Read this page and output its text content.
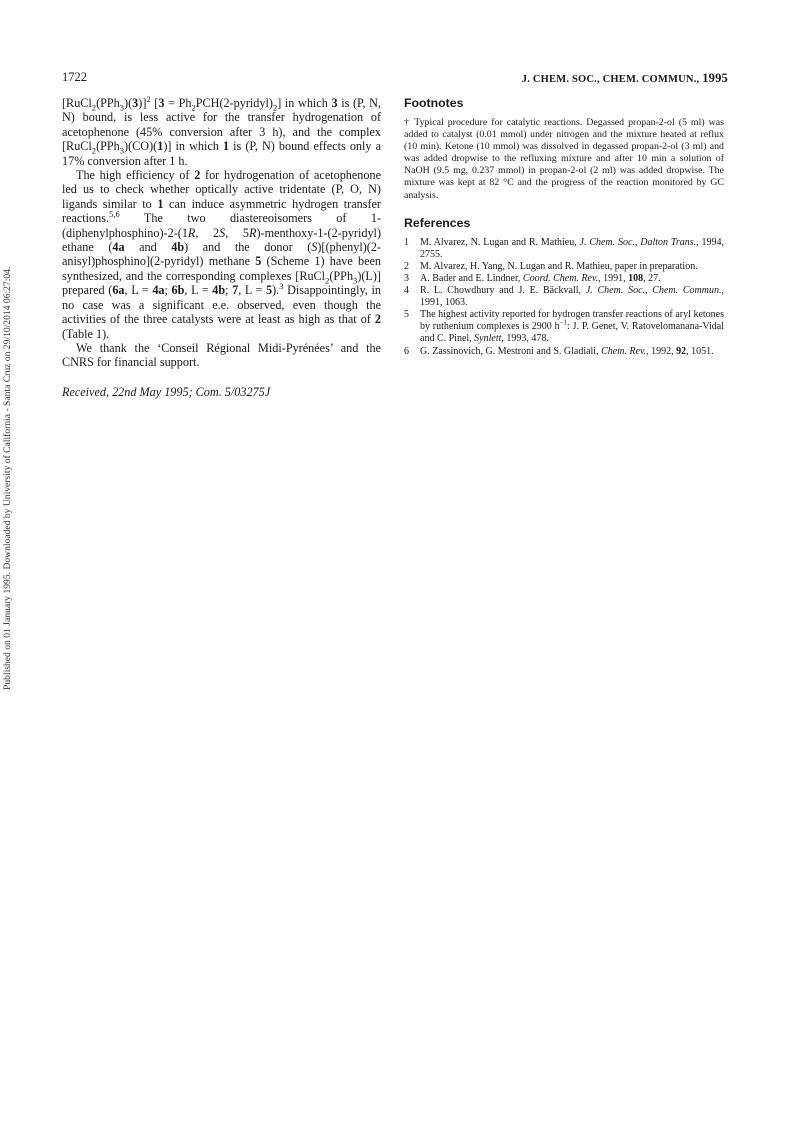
Published on 01 January 1995. Downloaded by University of California - Santa Cruz on 29/10/2014 06:27:04.
1722	J. CHEM. SOC., CHEM. COMMUN., 1995

[RuCl$_2$(PPh$_3$)(3)]$^2$ $[3 = Ph_2PCH(2-pyridyl)_2]$ in which 3 is (P, N, N) bound, is less active for the transfer hydrogenation of acetophenone (45% conversion after 3 h), and the complex [RuCl$_2$(PPh$_3$)(CO)(1)] in which 1 is (P, N) bound effects only a 17% conversion after 1 h.

The high efficiency of 2 for hydrogenation of acetophenone led us to check whether optically active tridentate (P, O, N) ligands similar to 1 can induce asymmetric hydrogen transfer reactions.$^{5,6}$ The two diastereoisomers of 1-(diphenylphosphino)-2-(1R, 2S, 5R)-menthoxy-1-(2-pyridyl) ethane (4a and 4b) and the donor (S)[(phenyl)(2-anisyl)phosphino](2-pyridyl) methane 5 (Scheme 1) have been synthesized, and the corresponding complexes [RuCl$_2$(PPh$_3$)(L)] prepared (6a, L = 4a; 6b, L = 4b; 7, L = 5).$^3$ Disappointingly, in no case was a significant e.e. observed, even though the activities of the three catalysts were at least as high as that of 2 (Table 1).

We thank the ‘Conseil Régional Midi-Pyrénées’ and the CNRS for financial support.

Received, 22nd May 1995; Com. 5/03275J

Footnotes

† Typical procedure for catalytic reactions. Degassed propan-2-ol (5 ml) was added to catalyst (0.01 mmol) under nitrogen and the mixture heated at reflux (10 min). Ketone (10 mmol) was dissolved in degassed propan-2-ol (3 ml) and was added dropwise to the refluxing mixture and after 10 min a solution of NaOH (9.5 mg, 0.237 mmol) in propan-2-ol (2 ml) was added dropwise. The mixture was kept at 82 °C and the progress of the reaction monitored by GC analysis.

References
1 M. Alvarez, N. Lugan and R. Mathieu, J. Chem. Soc., Dalton Trans., 1994, 2755.
2 M. Alvarez, H. Yang, N. Lugan and R. Mathieu, paper in preparation.
3 A. Bader and E. Lindner, Coord. Chem. Rev., 1991, 108, 27.
4 R. L. Chowdhury and J. E. Bäckvall, J. Chem. Soc., Chem. Commun., 1991, 1063.
5 The highest activity reported for hydrogen transfer reactions of aryl ketones by ruthenium complexes is 2900 $h^{-1}$: J. P. Genet, V. Ratovelomanana-Vidal and C. Pinel, Synlett, 1993, 478.
6 G. Zassinovich, G. Mestroni and S. Gladiali, Chem. Rev., 1992, 92, 1051.
